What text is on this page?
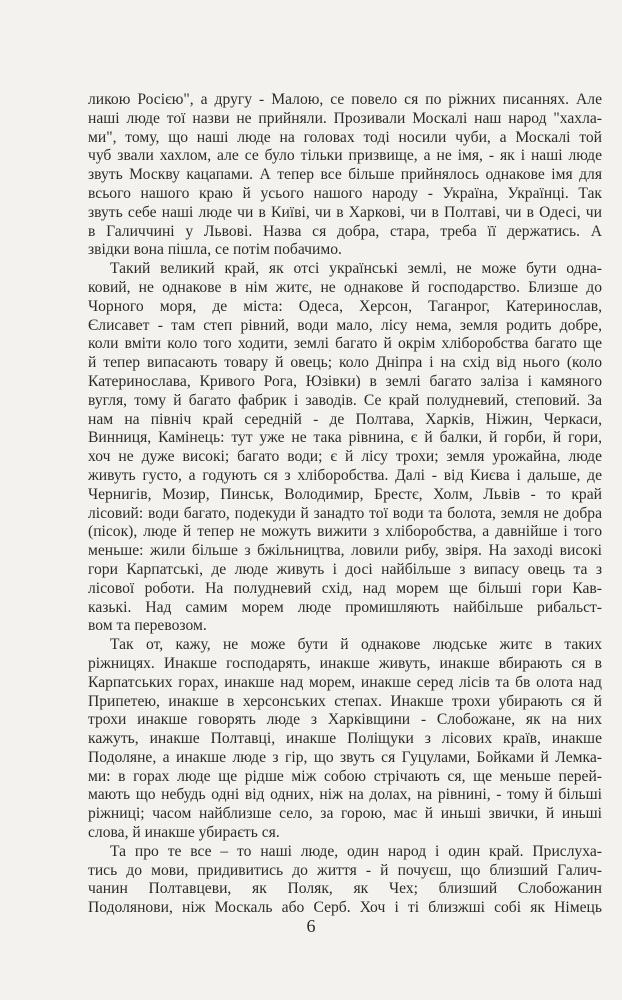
ликою Росією", а другу - Малою, се повело ся по ріжних писаннях. Але
наші люде тої назви не прийняли. Прозивали Москалі наш народ "хахла-
ми", тому, що наші люде на головах тоді носили чуби, а Москалі той
чуб звали хахлом, але се було тільки призвище, а не імя, - як і наші люде
звуть Москву кацапами. А тепер все більше прийнялось однакове імя для
всього нашого краю й усього нашого народу - Україна, Українці. Так
звуть себе наші люде чи в Київі, чи в Харкові, чи в Полтаві, чи в Одесі, чи
в Галиччині у Львові. Назва ся добра, стара, треба її держатись. А
звідки вона пішла, се потім побачимо.
Такий великий край, як отсі українські землі, не може бути одна-
ковий, не однакове в нім житє, не однакове й господарство. Близше до
Чорного моря, де міста: Одеса, Херсон, Таганрог, Катеринослав,
Єлисавет - там степ рівний, води мало, лісу нема, земля родить добре,
коли вміти коло того ходити, землі багато й окрім хліборобства багато ще
й тепер випасають товару й овець; коло Дніпра і на схід від нього (коло
Катеринослава, Кривого Рога, Юзівки) в землі багато заліза і камяного
вугля, тому й багато фабрик і заводів. Се край полудневий, степовий. За
нам на північ край середній - де Полтава, Харків, Ніжин, Черкаси,
Винниця, Камінець: тут уже не така рівнина, є й балки, й горби, й гори,
хоч не дуже високі; багато води; є й лісу трохи; земля урожайна, люде
живуть густо, а годують ся з хліборобства. Далі - від Києва і дальше, де
Чернигів, Мозир, Пинськ, Володимир, Брестє, Холм, Львів - то край
лісовий: води багато, подекуди й занадто тої води та болота, земля не добра
(пісок), люде й тепер не можуть вижити з хліборобства, а давнійше і того
меньше: жили більше з бжільництва, ловили рибу, звіря. На заході високі
гори Карпатські, де люде живуть і досі найбільше з випасу овець та з
лісової роботи. На полудневий схід, над морем ще більші гори Кав-
казькі. Над самим морем люде промишляють найбільше рибальст-
вом та перевозом.
Так от, кажу, не може бути й однакове людське житє в таких
ріжницях. Инакше господарять, инакше живуть, инакше вбирають ся в
Карпатських горах, инакше над морем, инакше серед лісів та бв олота над
Припетею, инакше в херсонських степах. Инакше трохи убирають ся й
трохи инакше говорять люде з Харківщини - Слобожане, як на них
кажуть, инакше Полтавці, инакше Поліщуки з лісових країв, инакше
Подоляне, а инакше люде з гір, що звуть ся Гуцулами, Бойками й Лемка-
ми: в горах люде ще рідше між собою стрічають ся, ще меньше перей-
мають що небудь одні від одних, ніж на долах, на рівнині, - тому й більші
ріжниці; часом найблизше село, за горою, має й иньші звички, й иньші
слова, й инакше убираєть ся.
Та про те все – то наші люде, один народ і один край. Прислуха-
тись до мови, придивитись до життя - й почуєш, що близший Галич-
чанин Полтавцеви, як Поляк, як Чех; близший Слобожанин
Подолянови, ніж Москаль або Серб. Хоч і ті близжші собі як Німець
6
